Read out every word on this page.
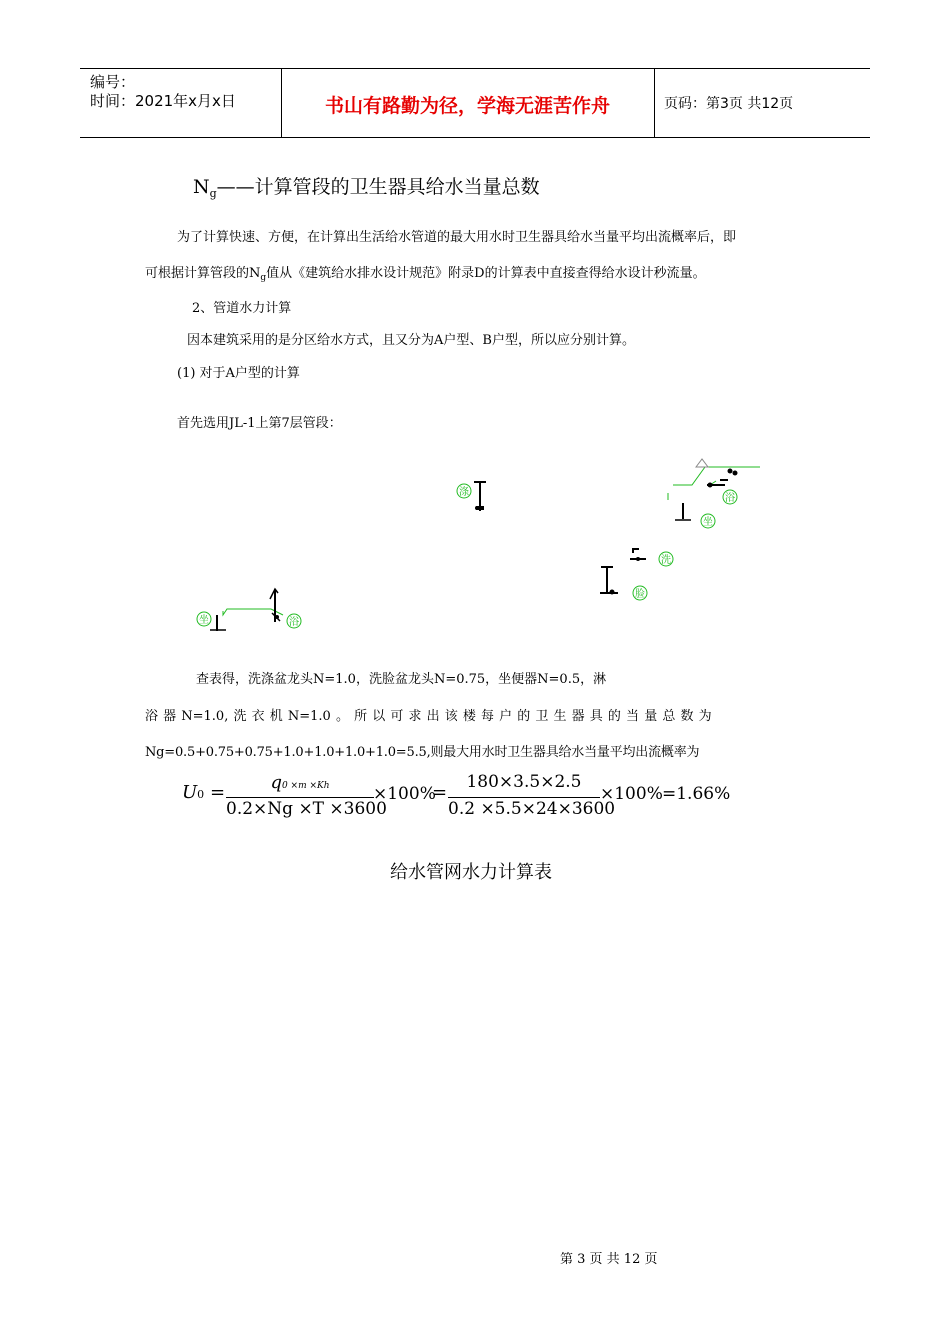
编号：
时间：2021年x月x日	书山有路勤为径，学海无涯苦作舟	页码：第3页 共12页
$N_g——$计算管段的卫生器具给水当量总数
为了计算快速、方便，在计算出生活给水管道的最大用水时卫生器具给水当量平均出流概率后，即
可根据计算管段的$N_g$值从《建筑给水排水设计规范》附录D的计算表中直接查得给水设计秒流量。
2、管道水力计算
因本建筑采用的是分区给水方式，且又分为A户型、B户型，所以应分别计算。
(1) 对于A户型的计算
首先选用JL-1上第7层管段：
涤
浴
坐
洗
脸
坐	浴
查表得，洗涤盆龙头N=1.0，洗脸盆龙头N=0.75，坐便器N=0.5，淋
浴 器 N=1.0, 洗 衣 机 N=1.0 。 所 以 可 求 出 该 楼 每 户 的 卫 生 器 具 的 当 量 总 数 为
Ng=0.5+0.75+0.75+1.0+1.0+1.0+1.0=5.5,则最大用水时卫生器具给水当量平均出流概率为
U0 =	q0 ×m ×Kh
0.2×Ng ×T ×3600
×100%
=	180×3.5×2.5
0.2 ×5.5×24×3600
×100% =1.66%
给水管网水力计算表
第 3 页 共 12 页
